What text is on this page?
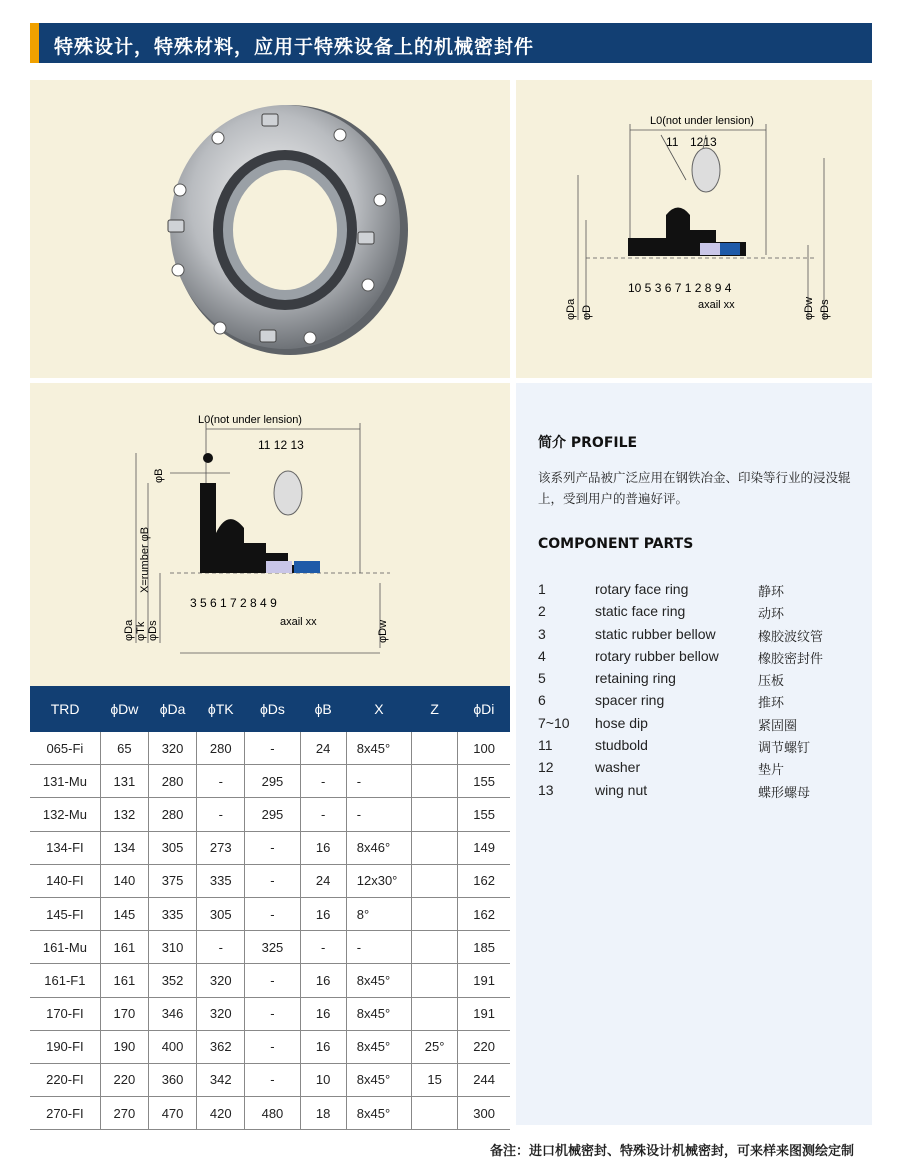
特殊设计，特殊材料，应用于特殊设备上的机械密封件
L0(not under lension)
11 1213
10 5 3 6 7 1 2 8 9 4
axail xx
φDa φD	φDw φDs
L0(not under lension)
11 12 13
3 5 6 1 7 2 8 4 9
axail xx
φDa φTk φDs	φDw
φB
X=rumber φB
简介 PROFILE
该系列产品被广泛应用在钢铁冶金、印染等行业的浸没辊上，受到用户的普遍好评。
COMPONENT PARTS
1	rotary face ring	静环
2	static face ring	动环
3	static rubber bellow	橡胶波纹管
4	rotary rubber bellow	橡胶密封件
5	retaining ring	压板
6	spacer ring	推环
7~10 hose dip	紧固圈
11	studbold	调节螺钉
12	washer	垫片
13	wing nut	蝶形螺母
TRD	ϕDw	ϕDa	ϕTK	ϕDs	ϕB	X	Z	ϕDi
065-Fi	65	320	280	-	24	8x45°		100
131-Mu	131	280	-	295	-	-		155
132-Mu	132	280	-	295	-	-		155
134-FI	134	305	273	-	16	8x46°		149
140-FI	140	375	335	-	24	12x30°		162
145-FI	145	335	305	-	16	8°		162
161-Mu	161	310	-	325	-	-		185
161-F1	161	352	320	-	16	8x45°		191
170-FI	170	346	320	-	16	8x45°		191
190-FI	190	400	362	-	16	8x45°	25°	220
220-FI	220	360	342	-	10	8x45°	15	244
270-FI	270	470	420	480	18	8x45°		300
备注：进口机械密封、特殊设计机械密封，可来样来图测绘定制
